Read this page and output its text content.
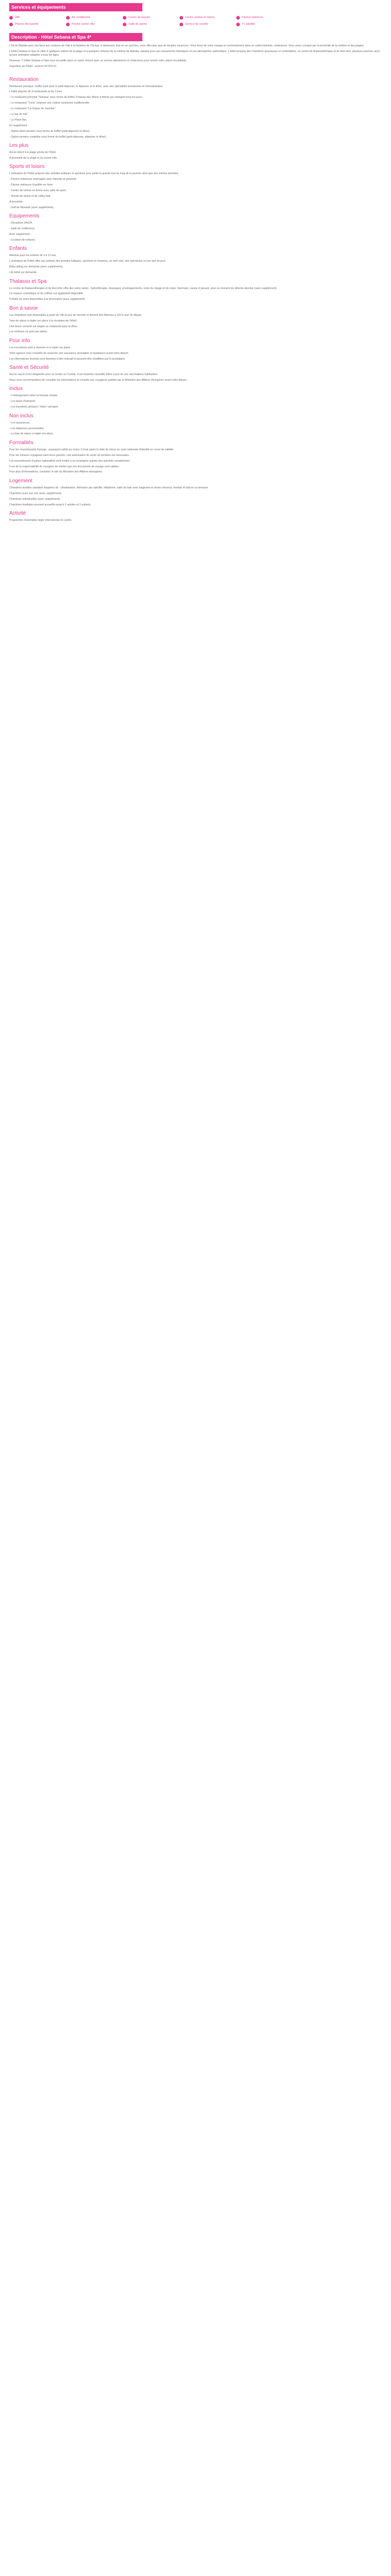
Services et équipements
Wifi	Air conditionné	Centre de beauté	Centre remise en forme	Piscine intérieure
Piscine découverte	Proche centre ville	Salle de sports	Service de navette	Tv satellite
Description - Hôtel Sebana et Spa 4*

L'île de Mahdia avec ses lieux aux couleurs de l'été à la frontière de l'Océan, à Hammam, tout en un seul lieu, vous offre plus que de simples vacances ! Vous ferez de votre voyage un enchantement dans un cadre intimiste, chaleureux. Vous serez conquis par la proximité de la médina et des plages.

L'Hôtel Sebana et Spa se situe à quelques mètres de la plage et à quelques minutes de la médina de Mahdia, réputée pour ses monuments historiques et son atmosphère authentique. L'hôtel propose des chambres spacieuses et confortables, un centre de thalassothérapie et de bien-être, plusieurs piscines ainsi qu'une animation adaptée à tous les âges.

Nouveau ! L'Hôtel Sebana et Spa vous accueille dans un cadre rénové avec un service attentionné et chaleureux pour rendre votre séjour inoubliable.

Superficie de l'hôtel : environ 40 000 m².

Restauration

Restaurant principal : buffet varié pour le petit-déjeuner, le déjeuner et le dîner, avec des spécialités tunisiennes et internationales.

L'hôtel dispose de 3 restaurants et de 2 bars :

- Le restaurant principal "Sebana" sous forme de buffet. Propose des dîners à thème qui changent tous les jours.

- Le restaurant "Tunis" propose une cuisine tunisienne traditionnelle.

- Le restaurant "La Gogue de Jasmine".

- Le bar du hall.

- Le Piano Bar.

En supplément :

- Option demi-pension sous forme de buffet (petit-déjeuner et dîner).

- Option pension complète sous forme de buffet (petit-déjeuner, déjeuner et dîner).

Les plus

Accès direct à la plage privée de l'hôtel.

A proximité de la plage et du centre-ville.

Sports et loisirs

L'animation de l'hôtel propose des activités ludiques et sportives pour petits et grands tout au long de la journée ainsi que des soirées animées.

- Piscine extérieure aménagée avec transats et parasols.

- Piscine intérieure chauffée en hiver.

- Centre de remise en forme avec salle de sport.

- Terrain de tennis et de volley-ball.

A proximité :

- Golf de Monastir (avec supplément).

Equipements

- Réception 24h/24.

- Salle de conférence.

Avec supplément :

- Location de voitures.

Enfants

Miniclub pour les enfants de 4 à 12 ans.

L'animation de l'hôtel offre aux enfants des activités ludiques, sportives et créatives, un mini club, des spectacles et une aire de jeux.

Baby-sitting sur demande (avec supplément).

Lits bébé sur demande.

Thalasso et Spa

Le centre de thalassothérapie et de bien-être offre des soins variés : hydrothérapie, massages, enveloppements, soins du visage et du corps, hammam, sauna et jacuzzi, pour un moment de détente absolue (avec supplément).

Un espace cosmétique et de coiffure est également disponible.

Forfaits de soins disponibles à la réservation (avec supplément).

Bon à savoir

Les chambres sont disponibles à partir de 14h le jour de l'arrivée et doivent être libérées à 12h le jour du départ.

Taxe de séjour à régler sur place à la réception de l'hôtel.

Une tenue correcte est exigée au restaurant pour le dîner.

Les animaux ne sont pas admis.

Pour info

Les excursions sont à réserver et à régler sur place.

Votre agence vous conseille de souscrire une assurance annulation et assistance avant votre départ.

Les informations fournies sont données à titre indicatif et peuvent être modifiées par le prestataire.

Santé et Sécurité

Aucun vaccin n'est obligatoire pour se rendre en Tunisie. Il est toutefois conseillé d'être à jour de ses vaccinations habituelles.

Nous vous recommandons de consulter les informations et conseils aux voyageurs publiés par le Ministère des Affaires étrangères avant votre départ.

Inclus

- L'hébergement selon la formule choisie.

- Les taxes d'aéroport.

- Les transferts aéroport / hôtel / aéroport.

Non inclus

- Les assurances.

- Les dépenses personnelles.

- La taxe de séjour à régler sur place.

Formalités

Pour les ressortissants français : passeport valide au moins 3 mois après la date de retour ou carte nationale d'identité en cours de validité.

Pour les mineurs voyageant sans leurs parents, une autorisation de sortie du territoire est nécessaire.

Les ressortissants d'autres nationalités sont invités à se renseigner auprès des autorités compétentes.

Il est de la responsabilité du voyageur de vérifier que ses documents de voyage sont valides.

Pour plus d'informations, consultez le site du Ministère des Affaires étrangères.

Logement

Chambres doubles standard équipées de : climatisation, télévision par satellite, téléphone, salle de bain avec baignoire et sèche-cheveux, minibar et balcon ou terrasse.

Chambres avec vue mer (avec supplément).

Chambres individuelles (avec supplément).

Chambres familiales pouvant accueillir jusqu'à 2 adultes et 2 enfants.

Activité

Programme d'animation léger international en soirée.
